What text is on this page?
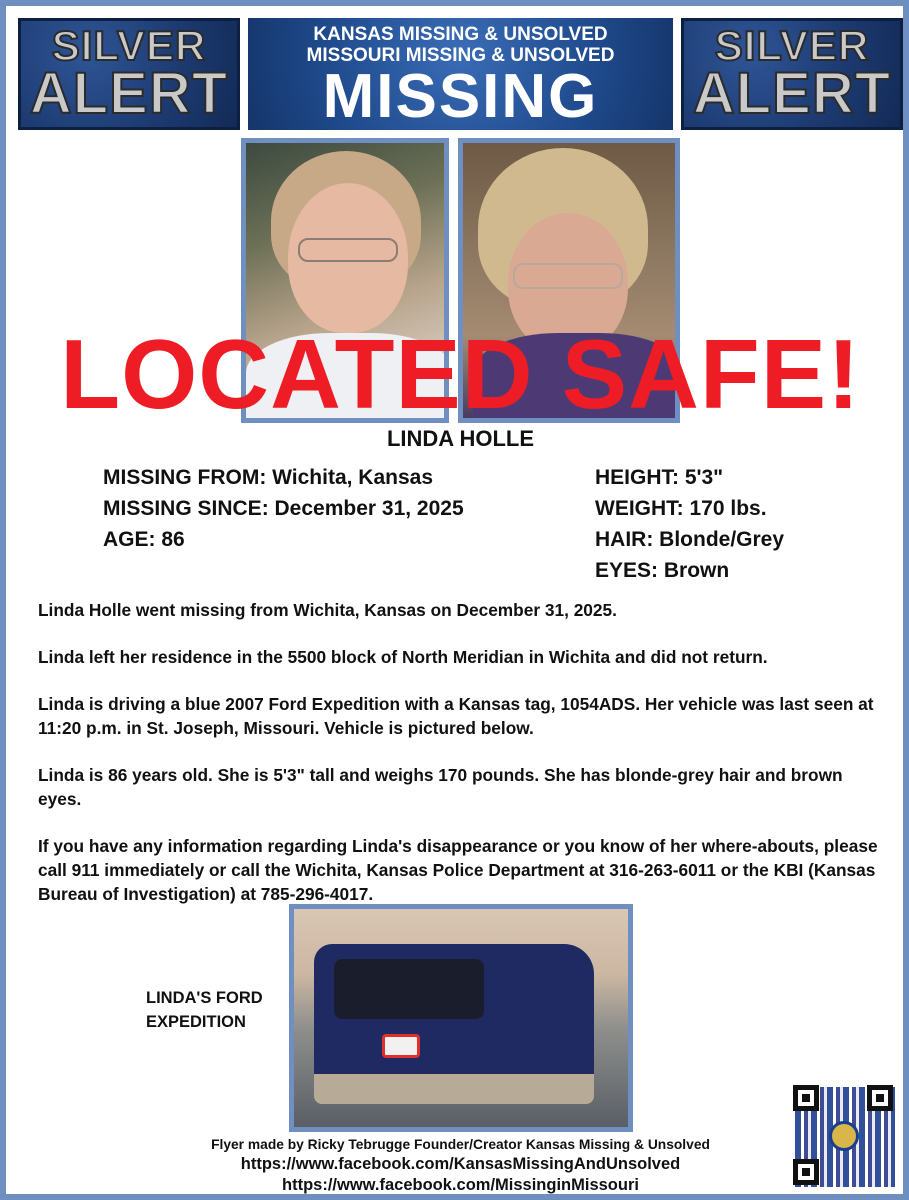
SILVER
ALERT
KANSAS MISSING & UNSOLVED
MISSOURI MISSING & UNSOLVED
MISSING
SILVER
ALERT
LOCATED SAFE!
LINDA HOLLE
MISSING FROM: Wichita, Kansas
MISSING SINCE: December 31, 2025
AGE: 86
HEIGHT: 5'3"
WEIGHT: 170 lbs.
HAIR: Blonde/Grey
EYES: Brown

Linda Holle went missing from Wichita, Kansas on December 31, 2025.

Linda left her residence in the 5500 block of North Meridian in Wichita and did not return.

Linda is driving a blue 2007 Ford Expedition with a Kansas tag, 1054ADS. Her vehicle was last seen at 11:20 p.m. in St. Joseph, Missouri. Vehicle is pictured below.

Linda is 86 years old. She is 5'3" tall and weighs 170 pounds. She has blonde-grey hair and brown eyes.

If you have any information regarding Linda's disappearance or you know of her where-abouts, please call 911 immediately or call the Wichita, Kansas Police Department at 316-263-6011 or the KBI (Kansas Bureau of Investigation) at 785-296-4017.

LINDA'S FORD
EXPEDITION
Flyer made by Ricky Tebrugge Founder/Creator Kansas Missing & Unsolved
https://www.facebook.com/KansasMissingAndUnsolved
https://www.facebook.com/MissinginMissouri
